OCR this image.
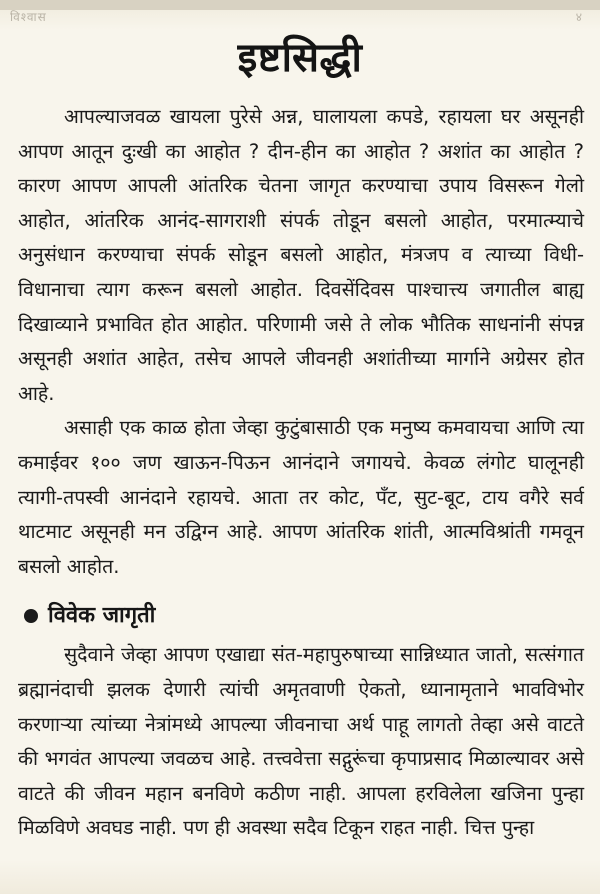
विश्वास	४
इष्टसिद्धी

आपल्याजवळ खायला पुरेसे अन्न, घालायला कपडे, रहायला घर असूनही आपण आतून दुःखी का आहोत ? दीन-हीन का आहोत ? अशांत का आहोत ? कारण आपण आपली आंतरिक चेतना जागृत करण्याचा उपाय विसरून गेलो आहोत, आंतरिक आनंद-सागराशी संपर्क तोडून बसलो आहोत, परमात्म्याचे अनुसंधान करण्याचा संपर्क सोडून बसलो आहोत, मंत्रजप व त्याच्या विधी-विधानाचा त्याग करून बसलो आहोत. दिवसेंदिवस पाश्चात्त्य जगातील बाह्य दिखाव्याने प्रभावित होत आहोत. परिणामी जसे ते लोक भौतिक साधनांनी संपन्न असूनही अशांत आहेत, तसेच आपले जीवनही अशांतीच्या मार्गाने अग्रेसर होत आहे.

असाही एक काळ होता जेव्हा कुटुंबासाठी एक मनुष्य कमवायचा आणि त्या कमाईवर १०० जण खाऊन-पिऊन आनंदाने जगायचे. केवळ लंगोट घालूनही त्यागी-तपस्वी आनंदाने रहायचे. आता तर कोट, पँट, सुट-बूट, टाय वगैरे सर्व थाटमाट असूनही मन उद्विग्न आहे. आपण आंतरिक शांती, आत्मविश्रांती गमवून बसलो आहोत.

विवेक जागृती

सुदैवाने जेव्हा आपण एखाद्या संत-महापुरुषाच्या सान्निध्यात जातो, सत्संगात ब्रह्मानंदाची झलक देणारी त्यांची अमृतवाणी ऐकतो, ध्यानामृताने भावविभोर करणाऱ्या त्यांच्या नेत्रांमध्ये आपल्या जीवनाचा अर्थ पाहू लागतो तेव्हा असे वाटते की भगवंत आपल्या जवळच आहे. तत्त्ववेत्ता सद्गुरूंचा कृपाप्रसाद मिळाल्यावर असे वाटते की जीवन महान बनविणे कठीण नाही. आपला हरविलेला खजिना पुन्हा मिळविणे अवघड नाही. पण ही अवस्था सदैव टिकून राहत नाही. चित्त पुन्हा
